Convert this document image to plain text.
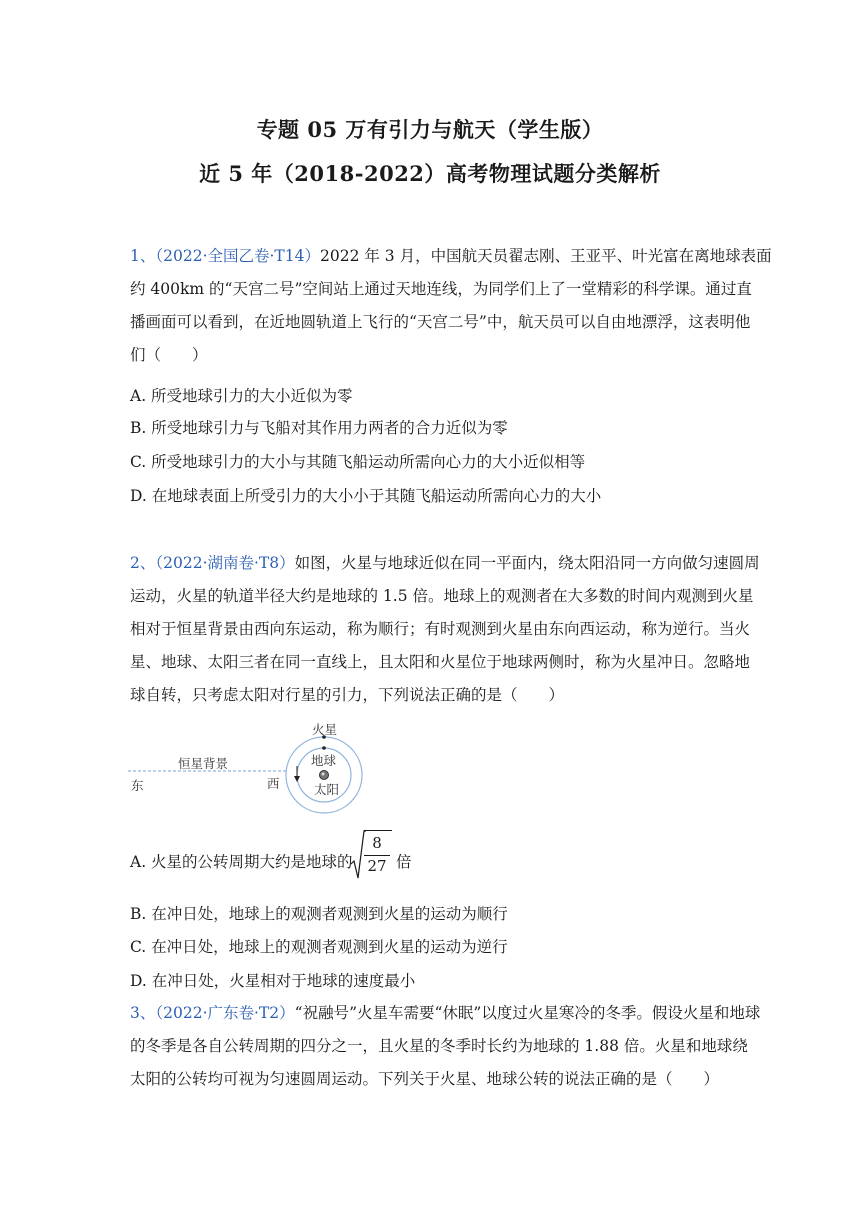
专题 05 万有引力与航天（学生版）
近 5 年（2018-2022）高考物理试题分类解析
1、（2022·全国乙卷·T14）2022 年 3 月，中国航天员翟志刚、王亚平、叶光富在离地球表面
约 400km 的“天宫二号”空间站上通过天地连线，为同学们上了一堂精彩的科学课。通过直
播画面可以看到，在近地圆轨道上飞行的“天宫二号”中，航天员可以自由地漂浮，这表明他
们（　　）
A. 所受地球引力的大小近似为零
B. 所受地球引力与飞船对其作用力两者的合力近似为零
C. 所受地球引力的大小与其随飞船运动所需向心力的大小近似相等
D. 在地球表面上所受引力的大小小于其随飞船运动所需向心力的大小
2、（2022·湖南卷·T8）如图，火星与地球近似在同一平面内，绕太阳沿同一方向做匀速圆周
运动，火星的轨道半径大约是地球的 1.5 倍。地球上的观测者在大多数的时间内观测到火星
相对于恒星背景由西向东运动，称为顺行；有时观测到火星由东向西运动，称为逆行。当火
星、地球、太阳三者在同一直线上，且太阳和火星位于地球两侧时，称为火星冲日。忽略地
球自转，只考虑太阳对行星的引力，下列说法正确的是（　　）
火星
地球
太阳
恒星背景
东	西
A. 火星的公转周期大约是地球的
8
27 倍
B. 在冲日处，地球上的观测者观测到火星的运动为顺行
C. 在冲日处，地球上的观测者观测到火星的运动为逆行
D. 在冲日处，火星相对于地球的速度最小
3、（2022·广东卷·T2）“祝融号”火星车需要“休眠”以度过火星寒冷的冬季。假设火星和地球
的冬季是各自公转周期的四分之一，且火星的冬季时长约为地球的 1.88 倍。火星和地球绕
太阳的公转均可视为匀速圆周运动。下列关于火星、地球公转的说法正确的是（　　）
